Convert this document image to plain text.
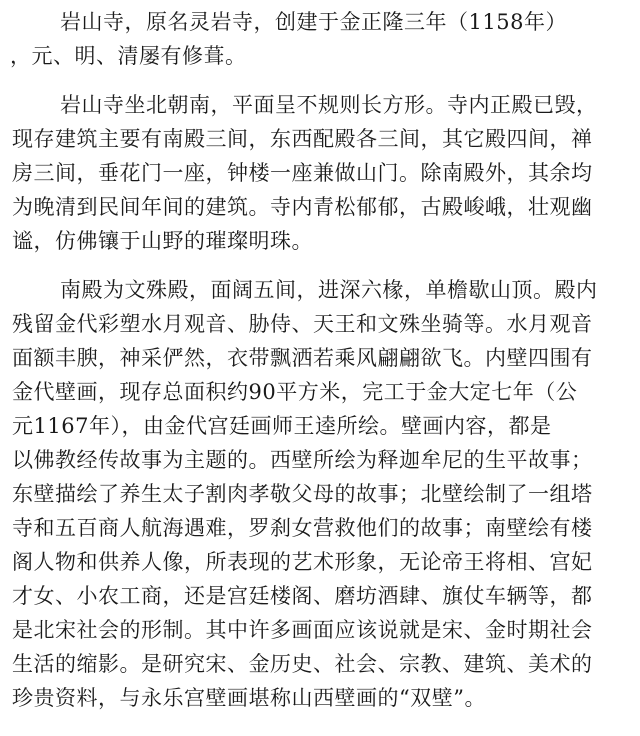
岩山寺，原名灵岩寺，创建于金正隆三年（1158年）
，元、明、清屡有修葺。
岩山寺坐北朝南，平面呈不规则长方形。寺内正殿已毁，
现存建筑主要有南殿三间，东西配殿各三间，其它殿四间，禅
房三间，垂花门一座，钟楼一座兼做山门。除南殿外，其余均
为晚清到民间年间的建筑。寺内青松郁郁，古殿峻峨，壮观幽
谧，仿佛镶于山野的璀璨明珠。
南殿为文殊殿，面阔五间，进深六椽，单檐歇山顶。殿内
残留金代彩塑水月观音、胁侍、天王和文殊坐骑等。水月观音
面额丰腴，神采俨然，衣带飘洒若乘风翩翩欲飞。内壁四围有
金代壁画，现存总面积约90平方米，完工于金大定七年（公
元1167年），由金代宫廷画师王逵所绘。壁画内容，都是
以佛教经传故事为主题的。西壁所绘为释迦牟尼的生平故事；
东壁描绘了养生太子割肉孝敬父母的故事；北壁绘制了一组塔
寺和五百商人航海遇难，罗刹女营救他们的故事；南壁绘有楼
阁人物和供养人像，所表现的艺术形象，无论帝王将相、宫妃
才女、小农工商，还是宫廷楼阁、磨坊酒肆、旗仗车辆等，都
是北宋社会的形制。其中许多画面应该说就是宋、金时期社会
生活的缩影。是研究宋、金历史、社会、宗教、建筑、美术的
珍贵资料，与永乐宫壁画堪称山西壁画的“双壁”。
